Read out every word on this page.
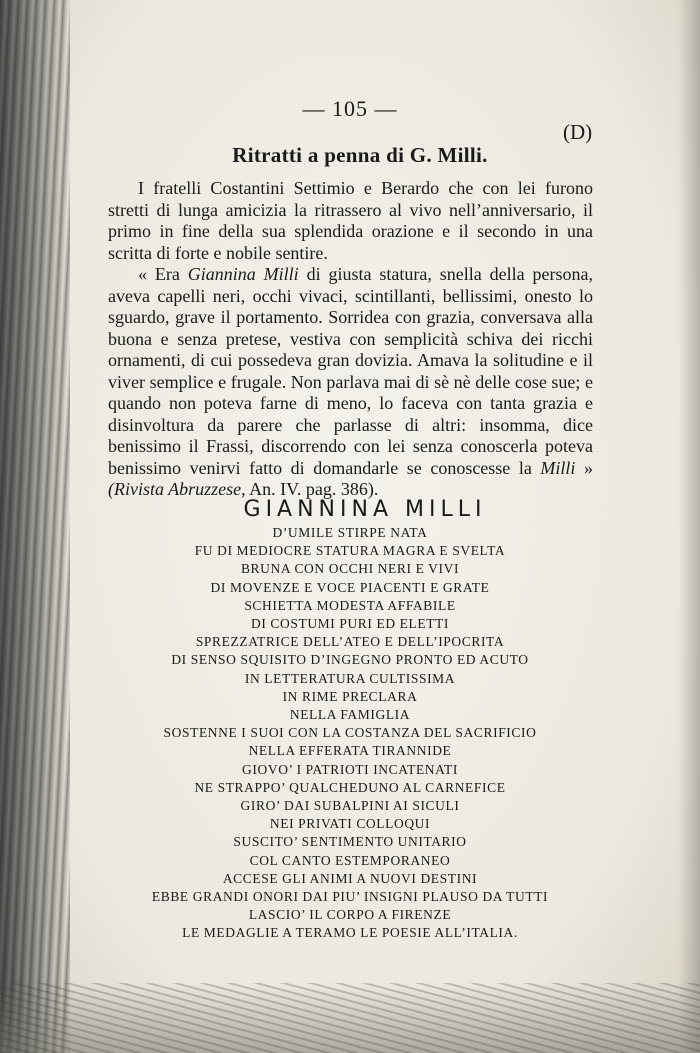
— 105 —
(D)
Ritratti a penna di G. Milli.

I fratelli Costantini Settimio e Berardo che con lei furono stretti di lunga amicizia la ritrassero al vivo nell’anniversario, il primo in fine della sua splendida orazione e il secondo in una scritta di forte e nobile sentire.

« Era Giannina Milli di giusta statura, snella della persona, aveva capelli neri, occhi vivaci, scintillanti, bellissimi, onesto lo sguardo, grave il portamento. Sorridea con grazia, conversava alla buona e senza pretese, vestiva con semplicità schiva dei ricchi ornamenti, di cui possedeva gran dovizia. Amava la solitudine e il viver semplice e frugale. Non parlava mai di sè nè delle cose sue; e quando non poteva farne di meno, lo faceva con tanta grazia e disinvoltura da parere che parlasse di altri: insomma, dice benissimo il Frassi, discorrendo con lei senza conoscerla poteva benissimo venirvi fatto di domandarle se conoscesse la Milli » (Rivista Abruzzese, An. IV. pag. 386).

GIANNINA MILLI
D’UMILE STIRPE NATA
FU DI MEDIOCRE STATURA MAGRA E SVELTA
BRUNA CON OCCHI NERI E VIVI
DI MOVENZE E VOCE PIACENTI E GRATE
SCHIETTA MODESTA AFFABILE
DI COSTUMI PURI ED ELETTI
SPREZZATRICE DELL’ATEO E DELL’IPOCRITA
DI SENSO SQUISITO D’INGEGNO PRONTO ED ACUTO
IN LETTERATURA CULTISSIMA
IN RIME PRECLARA
NELLA FAMIGLIA
SOSTENNE I SUOI CON LA COSTANZA DEL SACRIFICIO
NELLA EFFERATA TIRANNIDE
GIOVO’ I PATRIOTI INCATENATI
NE STRAPPO’ QUALCHEDUNO AL CARNEFICE
GIRO’ DAI SUBALPINI AI SICULI
NEI PRIVATI COLLOQUI
SUSCITO’ SENTIMENTO UNITARIO
COL CANTO ESTEMPORANEO
ACCESE GLI ANIMI A NUOVI DESTINI
EBBE GRANDI ONORI DAI PIU’ INSIGNI PLAUSO DA TUTTI
LASCIO’ IL CORPO A FIRENZE
LE MEDAGLIE A TERAMO LE POESIE ALL’ITALIA.
